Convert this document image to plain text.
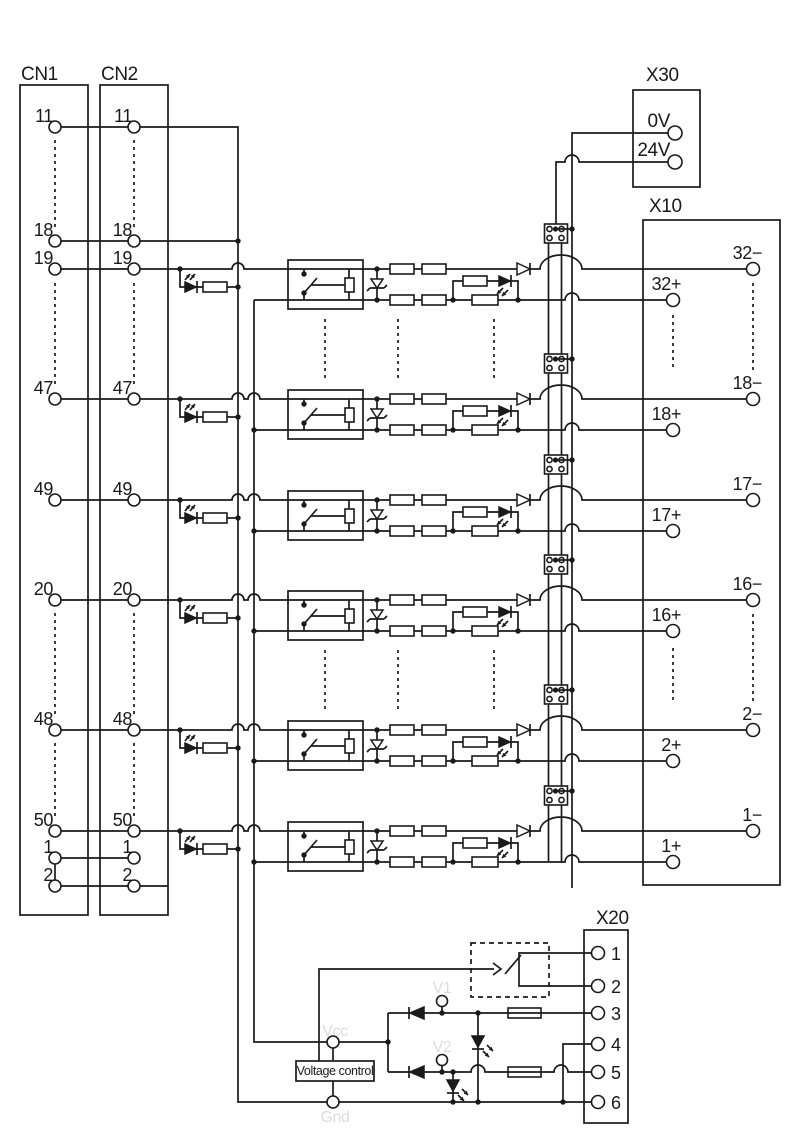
32−
32+
19	19
18−
18+
47	47
17−
17+
49	49
16−
16+
20	20
2−
2+
48	48
1−
1+
50	50
11	11
18	18
1	1
2	2
1
2
3
4
5
6
CN1 CN2	X30
X10
X20
0V
24V
Voltage control
Vcc
Gnd
V1
V2
